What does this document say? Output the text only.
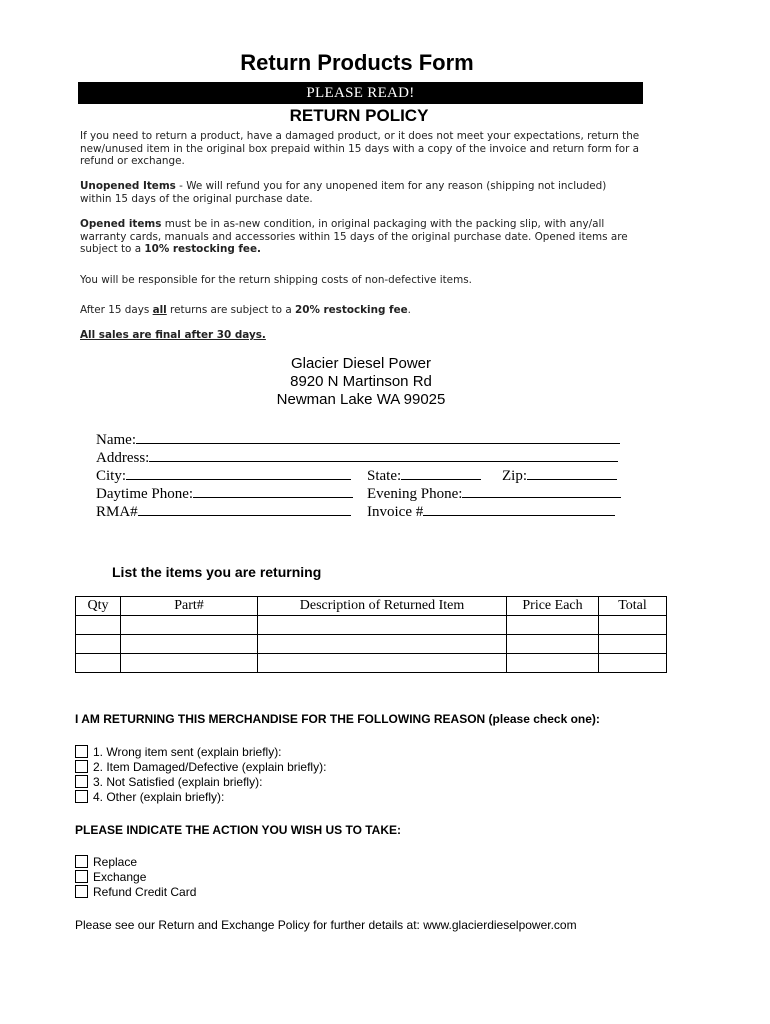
Return Products Form
PLEASE READ!
RETURN POLICY
If you need to return a product, have a damaged product, or it does not meet your expectations, return the new/unused item in the original box prepaid within 15 days with a copy of the invoice and return form for a refund or exchange.
Unopened Items - We will refund you for any unopened item for any reason (shipping not included) within 15 days of the original purchase date.
Opened items must be in as-new condition, in original packaging with the packing slip, with any/all warranty cards, manuals and accessories within 15 days of the original purchase date. Opened items are subject to a 10% restocking fee.
You will be responsible for the return shipping costs of non-defective items.
After 15 days all returns are subject to a 20% restocking fee.
All sales are final after 30 days.
Glacier Diesel Power
8920 N Martinson Rd
Newman Lake WA 99025
Name:
Address:
City:	State:	Zip:
Daytime Phone:	Evening Phone:
RMA#	Invoice #
List the items you are returning
Qty	Part#	Description of Returned Item	Price Each	Total

I AM RETURNING THIS MERCHANDISE FOR THE FOLLOWING REASON (please check one):
1. Wrong item sent (explain briefly):
2. Item Damaged/Defective (explain briefly):
3. Not Satisfied (explain briefly):
4. Other (explain briefly):
PLEASE INDICATE THE ACTION YOU WISH US TO TAKE:
Replace
Exchange
Refund Credit Card
Please see our Return and Exchange Policy for further details at: www.glacierdieselpower.com
